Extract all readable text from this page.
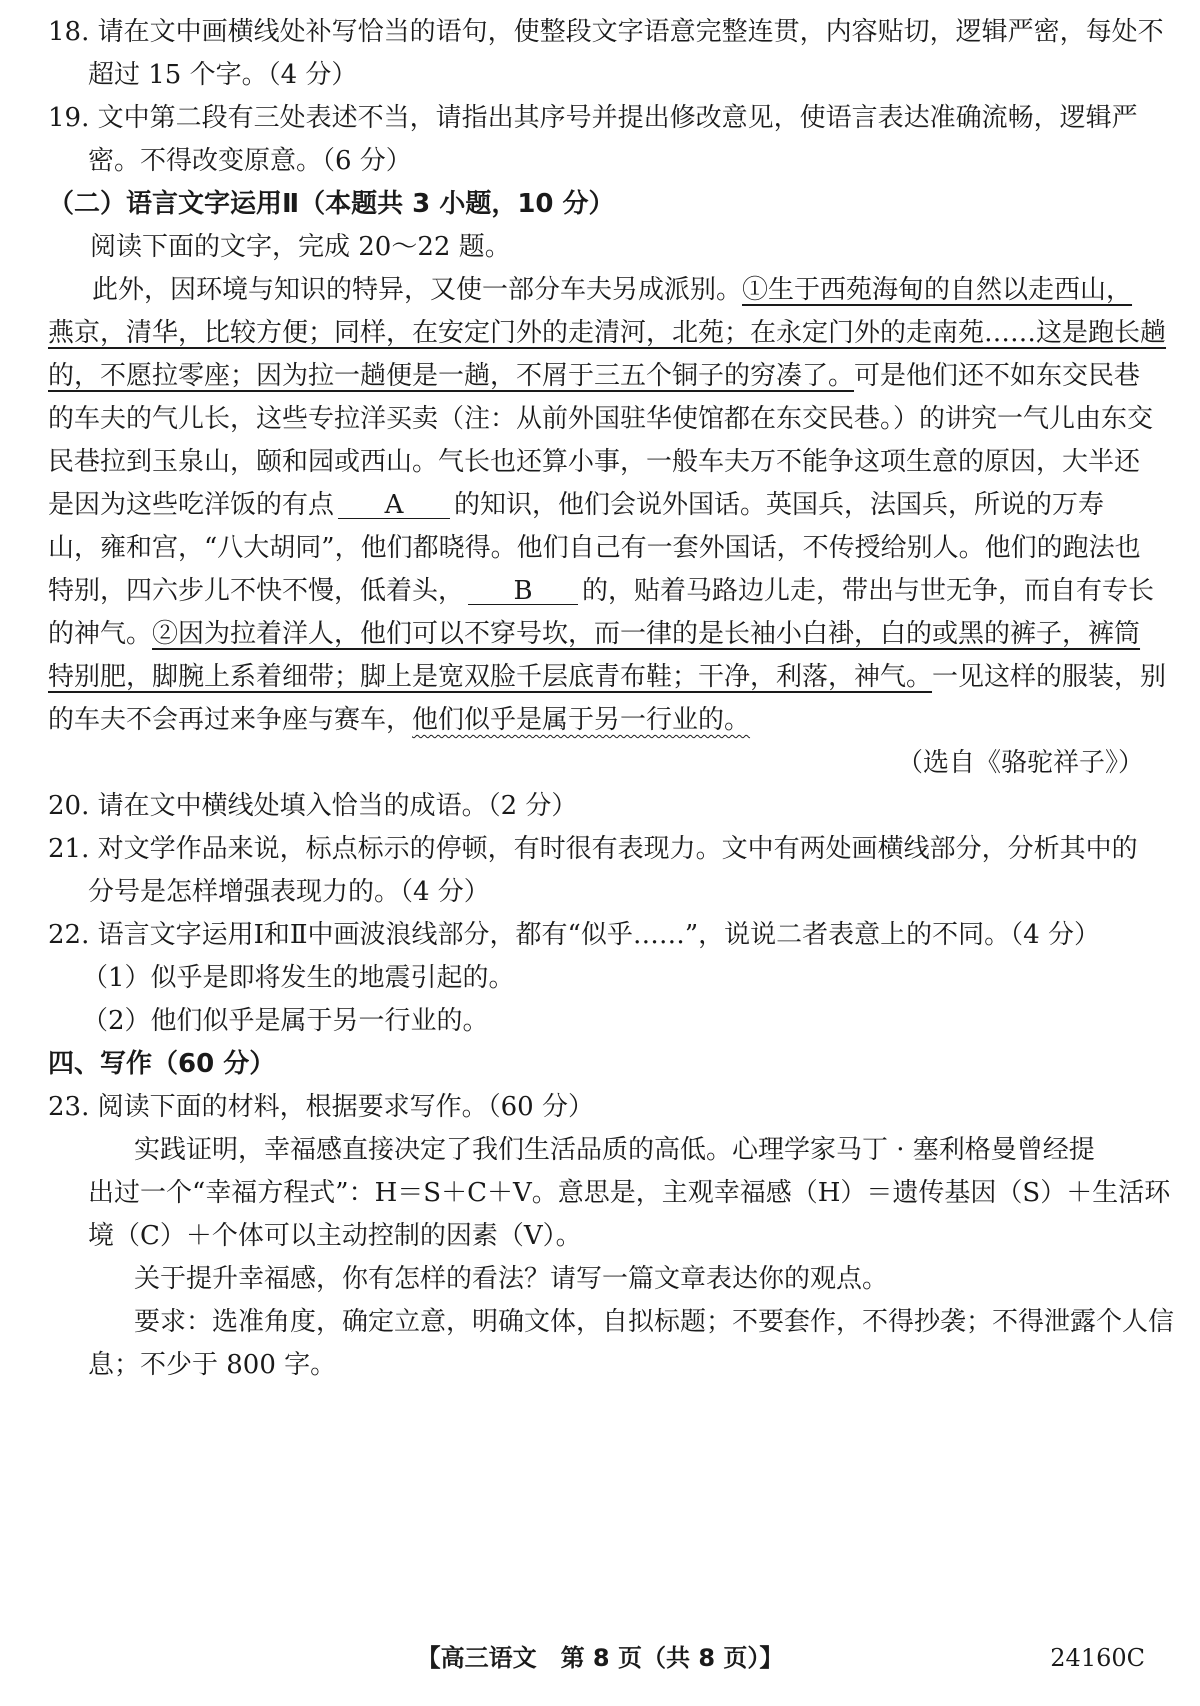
18. 请在文中画横线处补写恰当的语句，使整段文字语意完整连贯，内容贴切，逻辑严密，每处不
超过 15 个字。（4 分）
19. 文中第二段有三处表述不当，请指出其序号并提出修改意见，使语言表达准确流畅，逻辑严
密。不得改变原意。（6 分）
（二）语言文字运用Ⅱ（本题共 3 小题，10 分）
阅读下面的文字，完成 20～22 题。
此外，因环境与知识的特异，又使一部分车夫另成派别。①生于西苑海甸的自然以走西山，
燕京，清华，比较方便；同样，在安定门外的走清河，北苑；在永定门外的走南苑……这是跑长趟
的，不愿拉零座；因为拉一趟便是一趟，不屑于三五个铜子的穷凑了。可是他们还不如东交民巷
的车夫的气儿长，这些专拉洋买卖（注：从前外国驻华使馆都在东交民巷。）的讲究一气儿由东交
民巷拉到玉泉山，颐和园或西山。气长也还算小事，一般车夫万不能争这项生意的原因，大半还
是因为这些吃洋饭的有点 A 的知识，他们会说外国话。英国兵，法国兵，所说的万寿
山，雍和宫，“八大胡同”，他们都晓得。他们自己有一套外国话，不传授给别人。他们的跑法也
特别，四六步儿不快不慢，低着头， B 的，贴着马路边儿走，带出与世无争，而自有专长
的神气。②因为拉着洋人，他们可以不穿号坎，而一律的是长袖小白褂，白的或黑的裤子，裤筒
特别肥，脚腕上系着细带；脚上是宽双脸千层底青布鞋；干净，利落，神气。一见这样的服装，别
的车夫不会再过来争座与赛车，他们似乎是属于另一行业的。
（选自《骆驼祥子》）
20. 请在文中横线处填入恰当的成语。（2 分）
21. 对文学作品来说，标点标示的停顿，有时很有表现力。文中有两处画横线部分，分析其中的
分号是怎样增强表现力的。（4 分）
22. 语言文字运用Ⅰ和Ⅱ中画波浪线部分，都有“似乎……”，说说二者表意上的不同。（4 分）
（1）似乎是即将发生的地震引起的。
（2）他们似乎是属于另一行业的。
四、写作（60 分）
23. 阅读下面的材料，根据要求写作。（60 分）
实践证明，幸福感直接决定了我们生活品质的高低。心理学家马丁 · 塞利格曼曾经提
出过一个“幸福方程式”：H＝S＋C＋V。意思是，主观幸福感（H）＝遗传基因（S）＋生活环
境（C）＋个体可以主动控制的因素（V）。
关于提升幸福感，你有怎样的看法？请写一篇文章表达你的观点。
要求：选准角度，确定立意，明确文体，自拟标题；不要套作，不得抄袭；不得泄露个人信
息；不少于 800 字。
【高三语文　第 8 页（共 8 页）】	24160C
